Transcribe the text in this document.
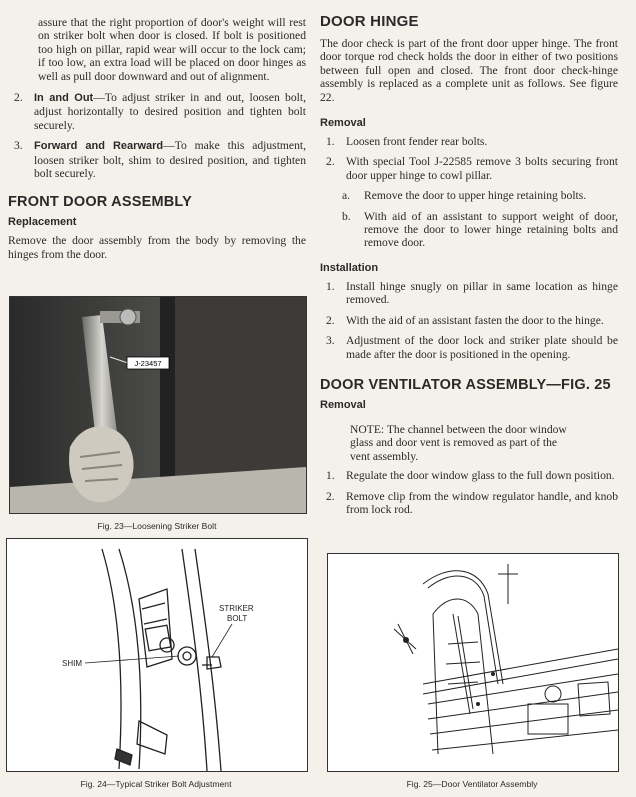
assure that the right proportion of door's weight will rest on striker bolt when door is closed. If bolt is positioned too high on pillar, rapid wear will occur to the lock cam; if too low, an extra load will be placed on door hinges as well as pull door downward and out of alignment.

2.	In and Out—To adjust striker in and out, loosen bolt, adjust horizontally to desired position and tighten bolt securely.
3.	Forward and Rearward—To make this adjustment, loosen striker bolt, shim to desired position, and tighten bolt securely.
FRONT DOOR ASSEMBLY
Replacement

Remove the door assembly from the body by removing the hinges from the door.

J-23457
Fig. 23—Loosening Striker Bolt
STRIKER BOLT
SHIM
Fig. 24—Typical Striker Bolt Adjustment
DOOR HINGE

The door check is part of the front door upper hinge. The front door torque rod check holds the door in either of two positions between full open and closed. The front door check-hinge assembly is replaced as a complete unit as follows. See figure 22.

Removal
1. Loosen front fender rear bolts.
2. With special Tool J-22585 remove 3 bolts securing front door upper hinge to cowl pillar.
a.	Remove the door to upper hinge retaining bolts.
b.	With aid of an assistant to support weight of door, remove the door to lower hinge retaining bolts and remove door.
Installation
1. Install hinge snugly on pillar in same location as hinge removed.
2. With the aid of an assistant fasten the door to the hinge.
3. Adjustment of the door lock and striker plate should be made after the door is positioned in the opening.
DOOR VENTILATOR ASSEMBLY—FIG. 25
Removal

NOTE: The channel between the door window glass and door vent is removed as part of the vent assembly.

1. Regulate the door window glass to the full down position.
2. Remove clip from the window regulator handle, and knob from lock rod.
Fig. 25—Door Ventilator Assembly
